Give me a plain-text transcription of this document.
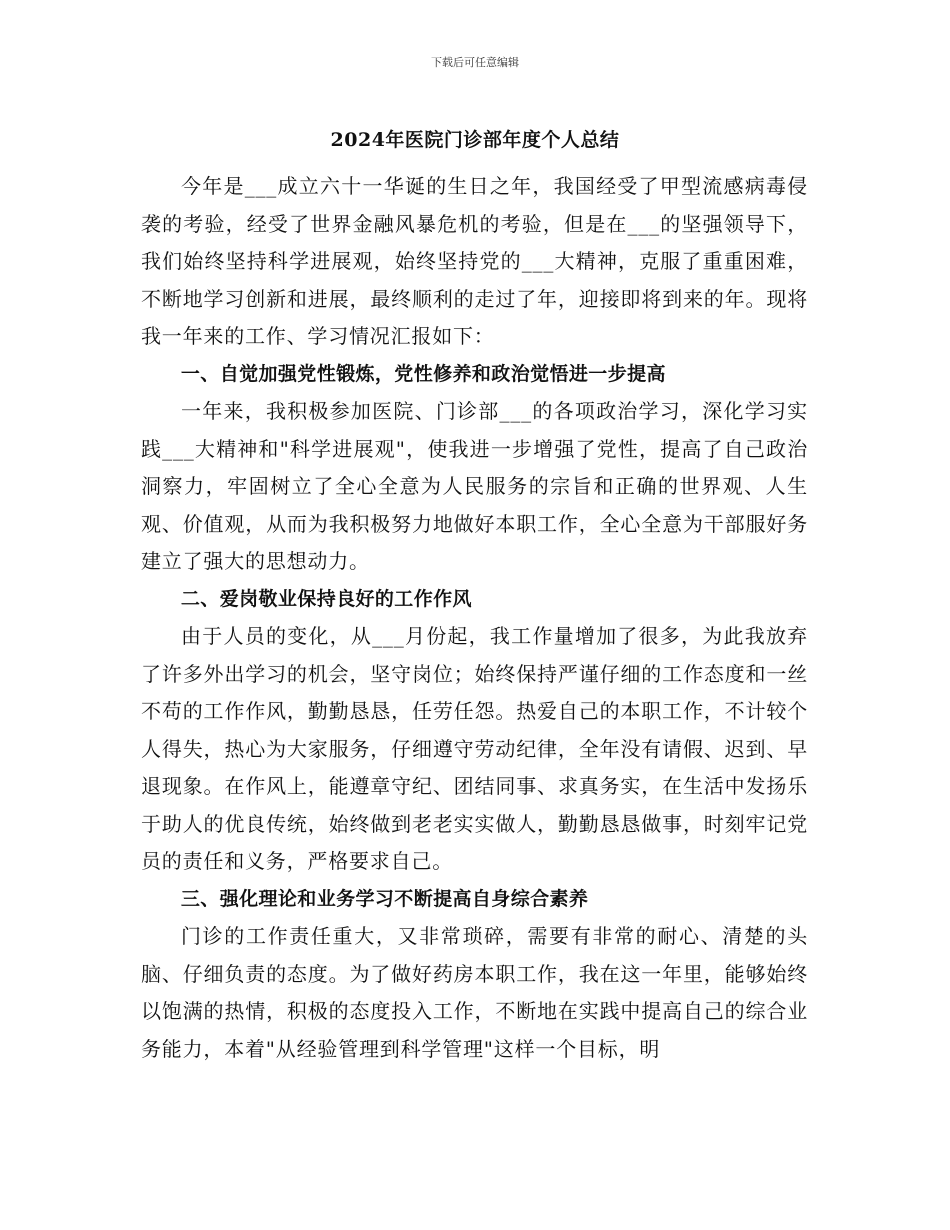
下载后可任意编辑
2024年医院门诊部年度个人总结

今年是___成立六十一华诞的生日之年，我国经受了甲型流感病毒侵袭的考验，经受了世界金融风暴危机的考验，但是在___的坚强领导下，我们始终坚持科学进展观，始终坚持党的___大精神，克服了重重困难，不断地学习创新和进展，最终顺利的走过了年，迎接即将到来的年。现将我一年来的工作、学习情况汇报如下：

一、自觉加强党性锻炼，党性修养和政治觉悟进一步提高

一年来，我积极参加医院、门诊部___的各项政治学习，深化学习实践___大精神和"科学进展观"，使我进一步增强了党性，提高了自己政治洞察力，牢固树立了全心全意为人民服务的宗旨和正确的世界观、人生观、价值观，从而为我积极努力地做好本职工作，全心全意为干部服好务建立了强大的思想动力。

二、爱岗敬业保持良好的工作作风

由于人员的变化，从___月份起，我工作量增加了很多，为此我放弃了许多外出学习的机会，坚守岗位；始终保持严谨仔细的工作态度和一丝不苟的工作作风，勤勤恳恳，任劳任怨。热爱自己的本职工作，不计较个人得失，热心为大家服务，仔细遵守劳动纪律，全年没有请假、迟到、早退现象。在作风上，能遵章守纪、团结同事、求真务实，在生活中发扬乐于助人的优良传统，始终做到老老实实做人，勤勤恳恳做事，时刻牢记党员的责任和义务，严格要求自己。

三、强化理论和业务学习不断提高自身综合素养

门诊的工作责任重大，又非常琐碎，需要有非常的耐心、清楚的头脑、仔细负责的态度。为了做好药房本职工作，我在这一年里，能够始终以饱满的热情，积极的态度投入工作，不断地在实践中提高自己的综合业务能力，本着"从经验管理到科学管理"这样一个目标，明
